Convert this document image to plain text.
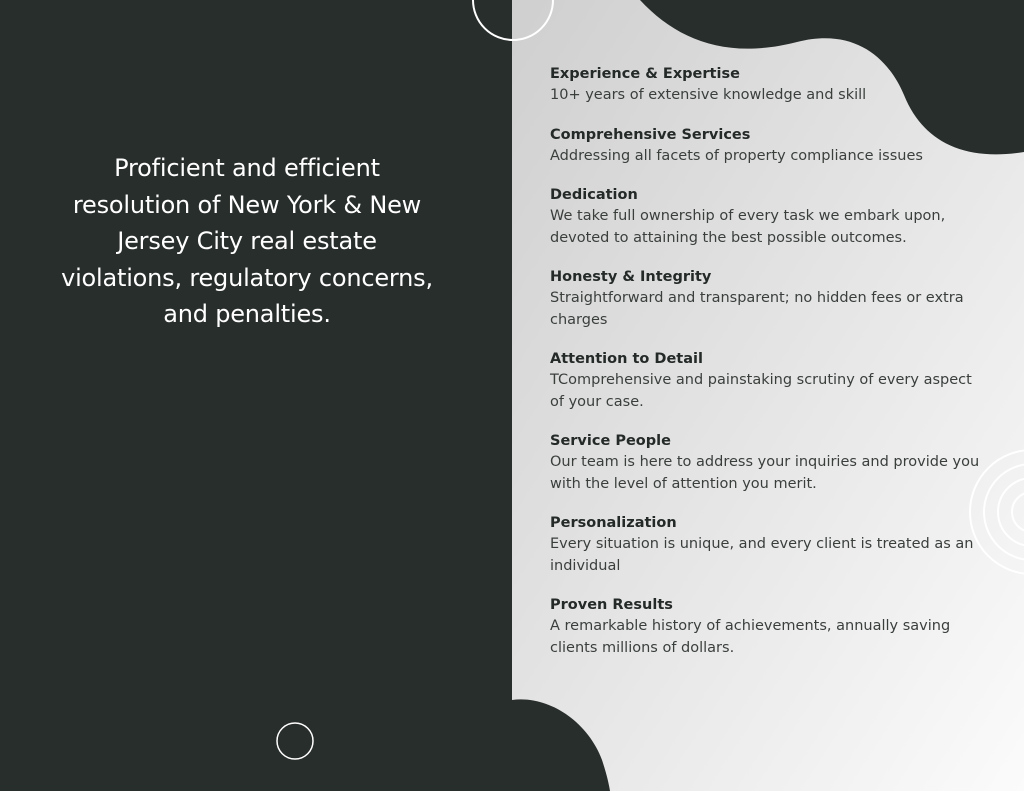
Proficient and efficient resolution of New York & New Jersey City real estate violations, regulatory concerns, and penalties.

Experience & Expertise

10+ years of extensive knowledge and skill

Comprehensive Services

Addressing all facets of property compliance issues

Dedication

We take full ownership of every task we embark upon, devoted to attaining the best possible outcomes.

Honesty & Integrity

Straightforward and transparent; no hidden fees or extra charges

Attention to Detail

TComprehensive and painstaking scrutiny of every aspect of your case.

Service People

Our team is here to address your inquiries and provide you with the level of attention you merit.

Personalization

Every situation is unique, and every client is treated as an individual

Proven Results

A remarkable history of achievements, annually saving clients millions of dollars.
